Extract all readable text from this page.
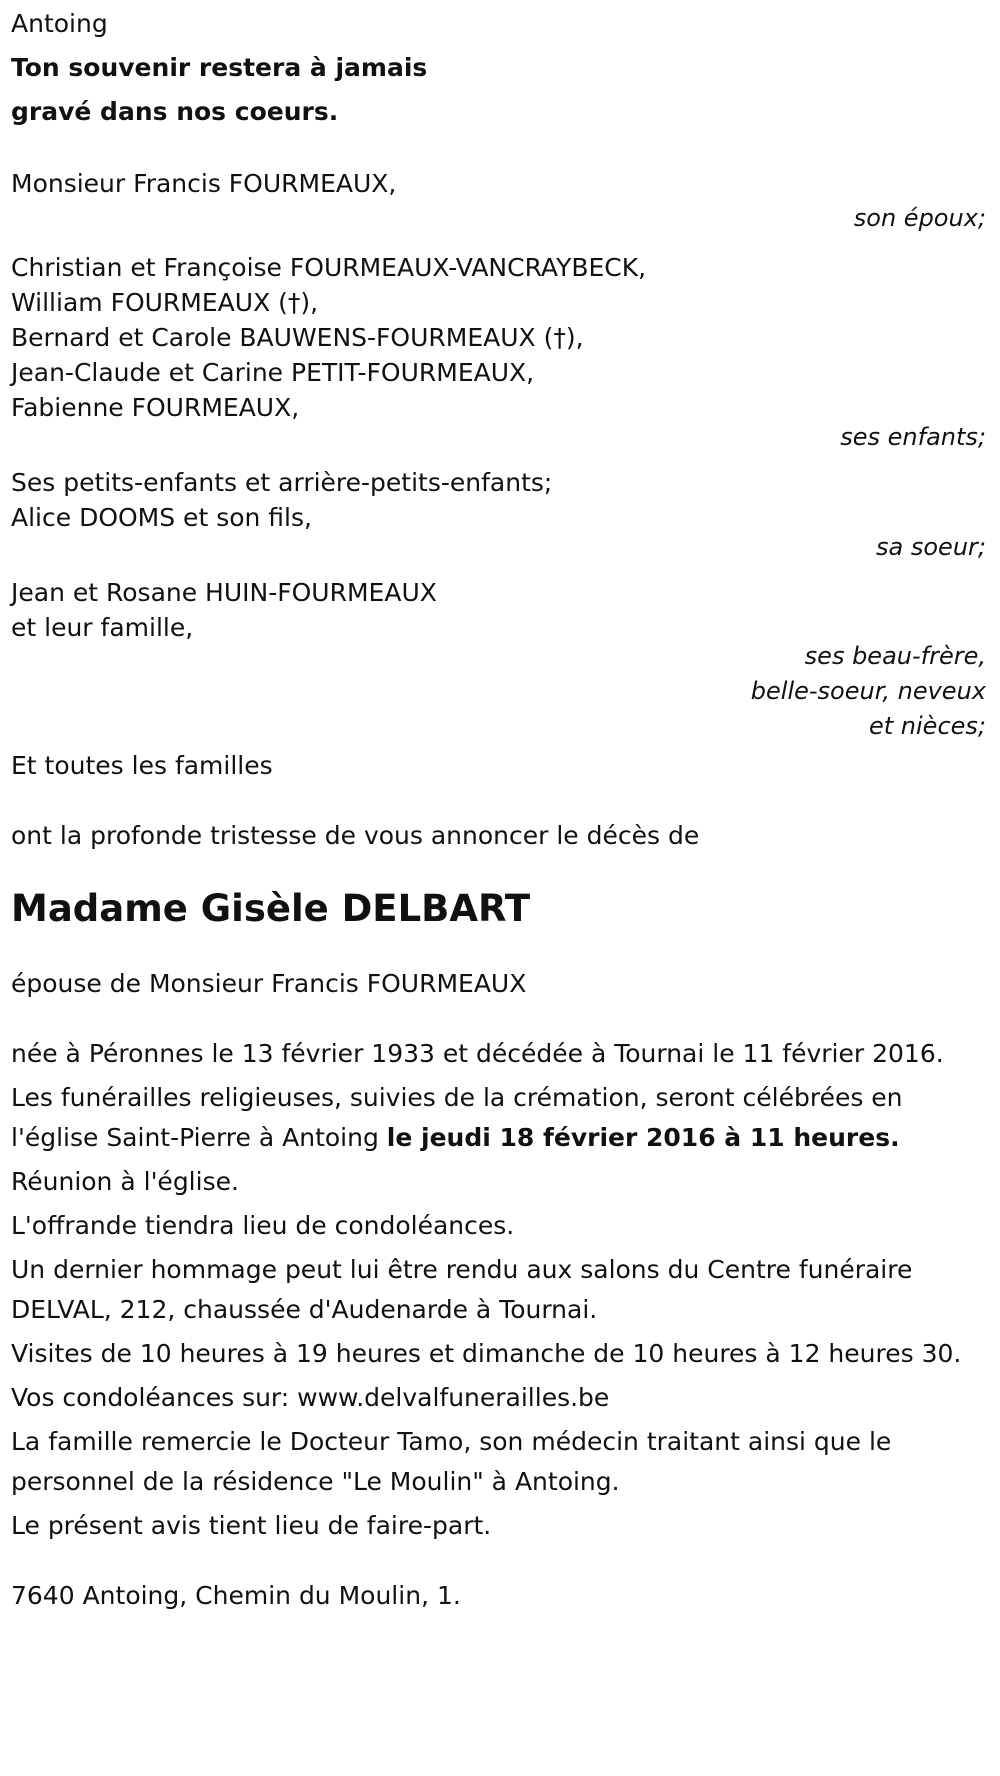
Antoing

Ton souvenir restera à jamais

gravé dans nos coeurs.

Monsieur Francis FOURMEAUX,

son époux;

Christian et Françoise FOURMEAUX-VANCRAYBECK,

William FOURMEAUX (†),

Bernard et Carole BAUWENS-FOURMEAUX (†),

Jean-Claude et Carine PETIT-FOURMEAUX,

Fabienne FOURMEAUX,

ses enfants;

Ses petits-enfants et arrière-petits-enfants;

Alice DOOMS et son fils,

sa soeur;

Jean et Rosane HUIN-FOURMEAUX

et leur famille,

ses beau-frère,

belle-soeur, neveux

et nièces;

Et toutes les familles

ont la profonde tristesse de vous annoncer le décès de

Madame Gisèle DELBART

épouse de Monsieur Francis FOURMEAUX

née à Péronnes le 13 février 1933 et décédée à Tournai le 11 février 2016.

Les funérailles religieuses, suivies de la crémation, seront célébrées en l'église Saint-Pierre à Antoing le jeudi 18 février 2016 à 11 heures.

Réunion à l'église.

L'offrande tiendra lieu de condoléances.

Un dernier hommage peut lui être rendu aux salons du Centre funéraire DELVAL, 212, chaussée d'Audenarde à Tournai.

Visites de 10 heures à 19 heures et dimanche de 10 heures à 12 heures 30.

Vos condoléances sur: www.delvalfunerailles.be

La famille remercie le Docteur Tamo, son médecin traitant ainsi que le personnel de la résidence "Le Moulin" à Antoing.

Le présent avis tient lieu de faire-part.

7640 Antoing, Chemin du Moulin, 1.
